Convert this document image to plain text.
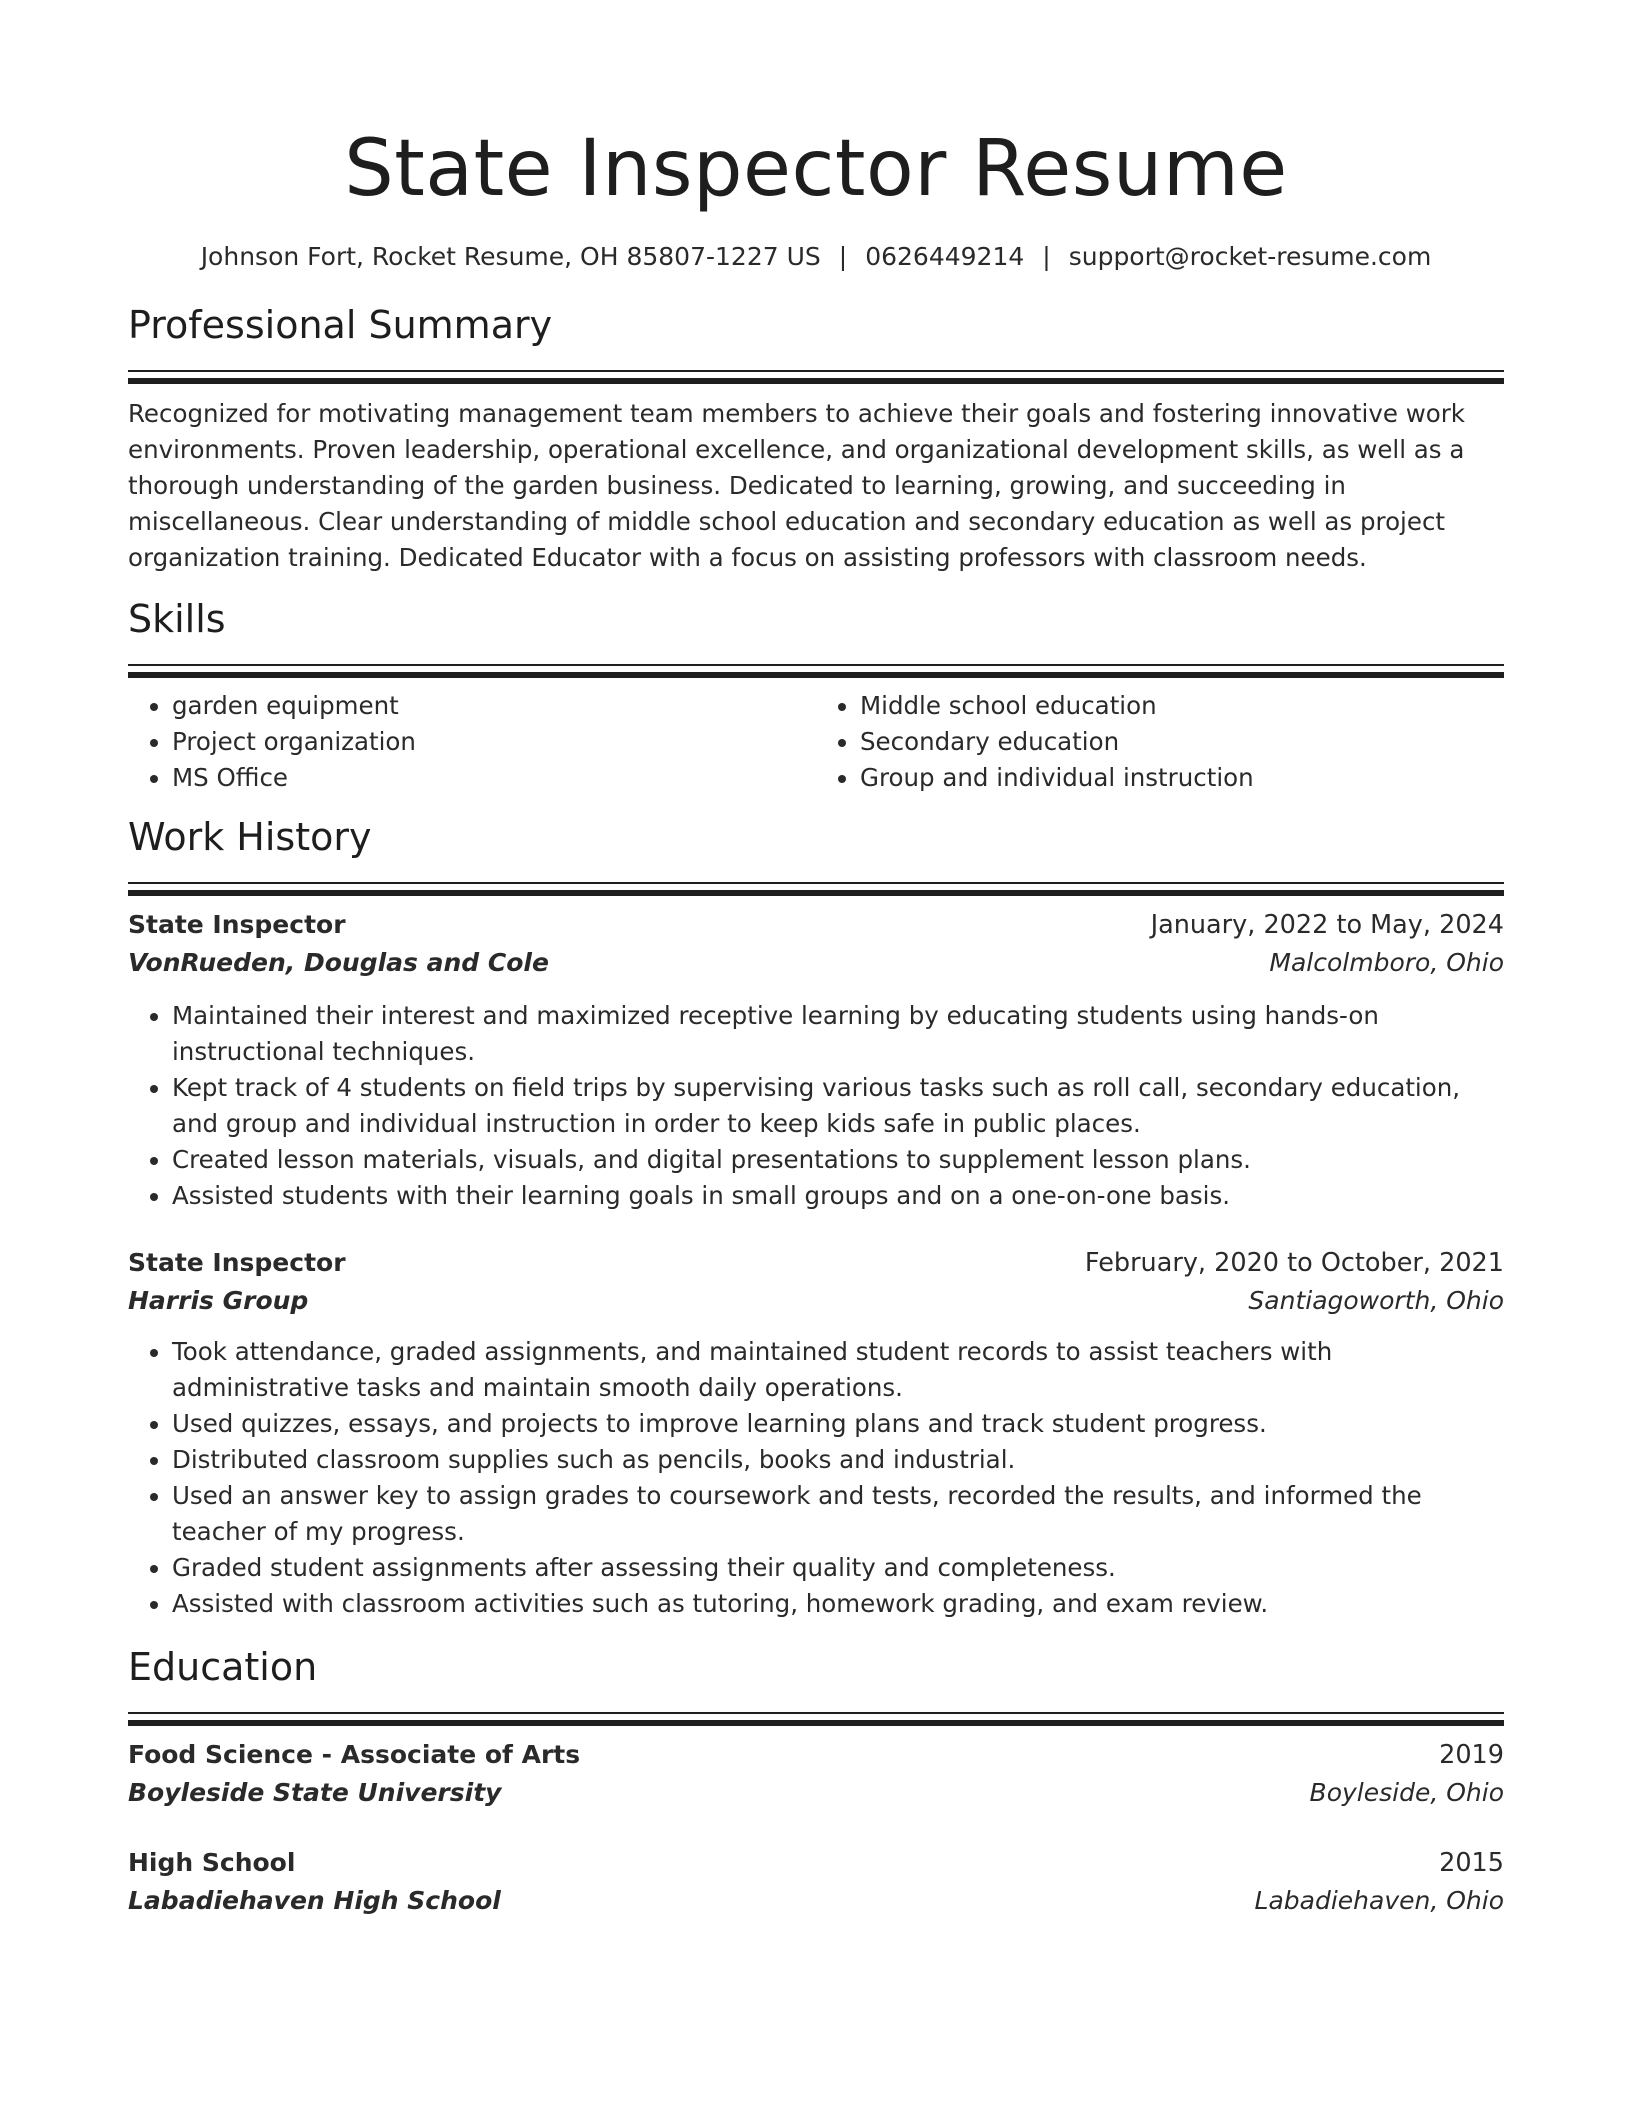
State Inspector Resume
Johnson Fort, Rocket Resume, OH 85807-1227 US | 0626449214 | support@rocket-resume.com
Professional Summary
Recognized for motivating management team members to achieve their goals and fostering innovative work environments. Proven leadership, operational excellence, and organizational development skills, as well as a thorough understanding of the garden business. Dedicated to learning, growing, and succeeding in miscellaneous. Clear understanding of middle school education and secondary education as well as project organization training. Dedicated Educator with a focus on assisting professors with classroom needs.
Skills
• garden equipment
• Project organization
• MS Office
• Middle school education
• Secondary education
• Group and individual instruction
Work History
State Inspector	January, 2022 to May, 2024
VonRueden, Douglas and Cole	Malcolmboro, Ohio
• Maintained their interest and maximized receptive learning by educating students using hands-on instructional techniques.
• Kept track of 4 students on field trips by supervising various tasks such as roll call, secondary education, and group and individual instruction in order to keep kids safe in public places.
• Created lesson materials, visuals, and digital presentations to supplement lesson plans.
• Assisted students with their learning goals in small groups and on a one-on-one basis.
State Inspector	February, 2020 to October, 2021
Harris Group	Santiagoworth, Ohio
• Took attendance, graded assignments, and maintained student records to assist teachers with administrative tasks and maintain smooth daily operations.
• Used quizzes, essays, and projects to improve learning plans and track student progress.
• Distributed classroom supplies such as pencils, books and industrial.
• Used an answer key to assign grades to coursework and tests, recorded the results, and informed the teacher of my progress.
• Graded student assignments after assessing their quality and completeness.
• Assisted with classroom activities such as tutoring, homework grading, and exam review.
Education
Food Science - Associate of Arts	2019
Boyleside State University	Boyleside, Ohio
High School	2015
Labadiehaven High School	Labadiehaven, Ohio
